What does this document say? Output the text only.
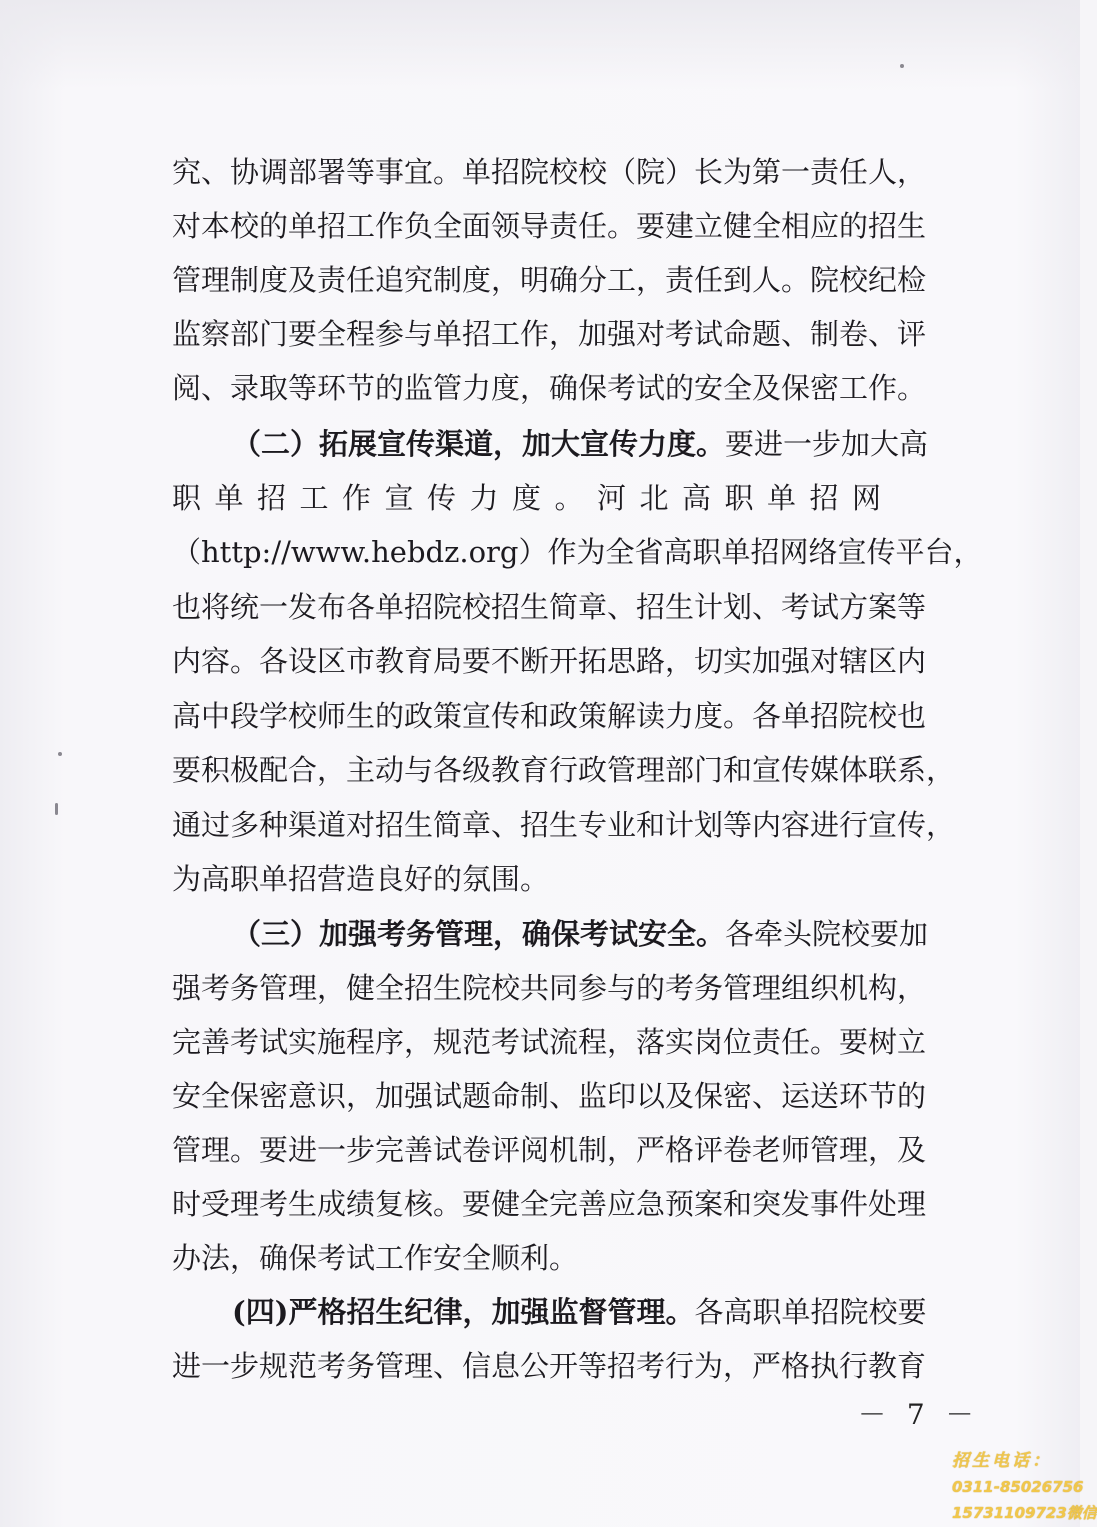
究、协调部署等事宜。单招院校校（院）长为第一责任人，
对本校的单招工作负全面领导责任。要建立健全相应的招生
管理制度及责任追究制度，明确分工，责任到人。院校纪检
监察部门要全程参与单招工作，加强对考试命题、制卷、评
阅、录取等环节的监管力度，确保考试的安全及保密工作。
（二）拓展宣传渠道，加大宣传力度。要进一步加大高
职单招工作宣传力度。河北高职单招网
（http://www.hebdz.org）作为全省高职单招网络宣传平台，
也将统一发布各单招院校招生简章、招生计划、考试方案等
内容。各设区市教育局要不断开拓思路，切实加强对辖区内
高中段学校师生的政策宣传和政策解读力度。各单招院校也
要积极配合，主动与各级教育行政管理部门和宣传媒体联系，
通过多种渠道对招生简章、招生专业和计划等内容进行宣传，
为高职单招营造良好的氛围。
（三）加强考务管理，确保考试安全。各牵头院校要加
强考务管理，健全招生院校共同参与的考务管理组织机构，
完善考试实施程序，规范考试流程，落实岗位责任。要树立
安全保密意识，加强试题命制、监印以及保密、运送环节的
管理。要进一步完善试卷评阅机制，严格评卷老师管理，及
时受理考生成绩复核。要健全完善应急预案和突发事件处理
办法，确保考试工作安全顺利。
(四)严格招生纪律，加强监督管理。各高职单招院校要
进一步规范考务管理、信息公开等招考行为，严格执行教育
－ 7 －
招生电话：
0311-85026756
15731109723微信
